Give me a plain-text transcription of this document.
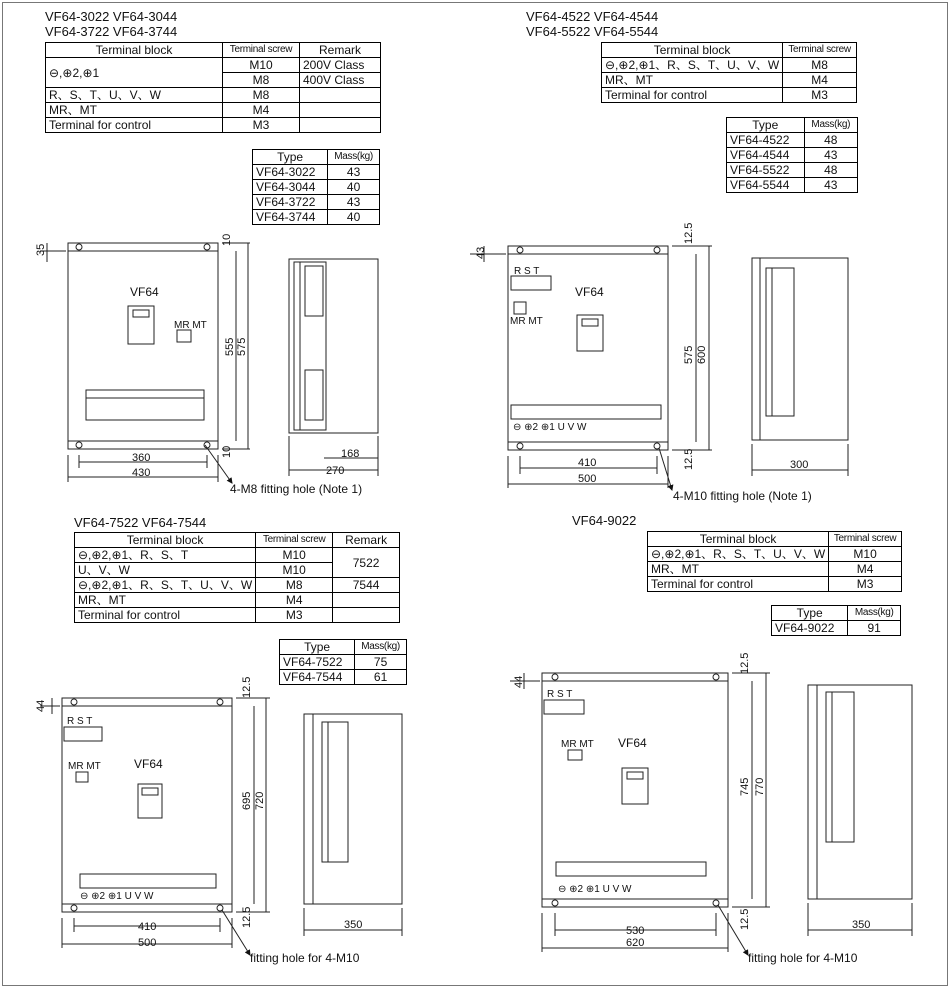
VF64-3022 VF64-3044
VF64-3722 VF64-3744
Terminal block	Terminal screw	Remark
⊖,⊕2,⊕1	M10	200V Class
	M8	400V Class
R、S、T、U、V、W	M8	
MR、MT	M4	
Terminal for control	M3	
Type	Mass(kg)
VF64-3022	43
VF64-3044	40
VF64-3722	43
VF64-3744	40
VF64-4522 VF64-4544
VF64-5522 VF64-5544
Terminal block	Terminal screw
⊖,⊕2,⊕1、R、S、T、U、V、W	M8
MR、MT	M4
Terminal for control	M3
Type	Mass(kg)
VF64-4522	48
VF64-4544	43
VF64-5522	48
VF64-5544	43
VF64-7522 VF64-7544
Terminal block	Terminal screw	Remark
⊖,⊕2,⊕1、R、S、T	M10	7522
U、V、W	M10	
⊖,⊕2,⊕1、R、S、T、U、V、W	M8	7544
MR、MT	M4	
Terminal for control	M3	
Type	Mass(kg)
VF64-7522	75
VF64-7544	61
VF64-9022
Terminal block	Terminal screw
⊖,⊕2,⊕1、R、S、T、U、V、W	M10
MR、MT	M4
Terminal for control	M3
Type	Mass(kg)
VF64-9022	91
VF64
MR MT
35
10
555 575
10
360
430
168
270
4-M8 fitting hole (Note 1)
R S T
VF64
MR MT
⊖ ⊕2 ⊕1 U V W
43
12.5
575 600
12.5
410
500
300
4-M10 fitting hole (Note 1)
R S T
VF64
MR MT
⊖ ⊕2 ⊕1 U V W
44
12.5
695 720
12.5
410
500
350
fitting hole for 4-M10
R S T
VF64
MR MT
⊖ ⊕2 ⊕1 U V W
44
12.5
745 770
12.5
530
620
350
fitting hole for 4-M10
